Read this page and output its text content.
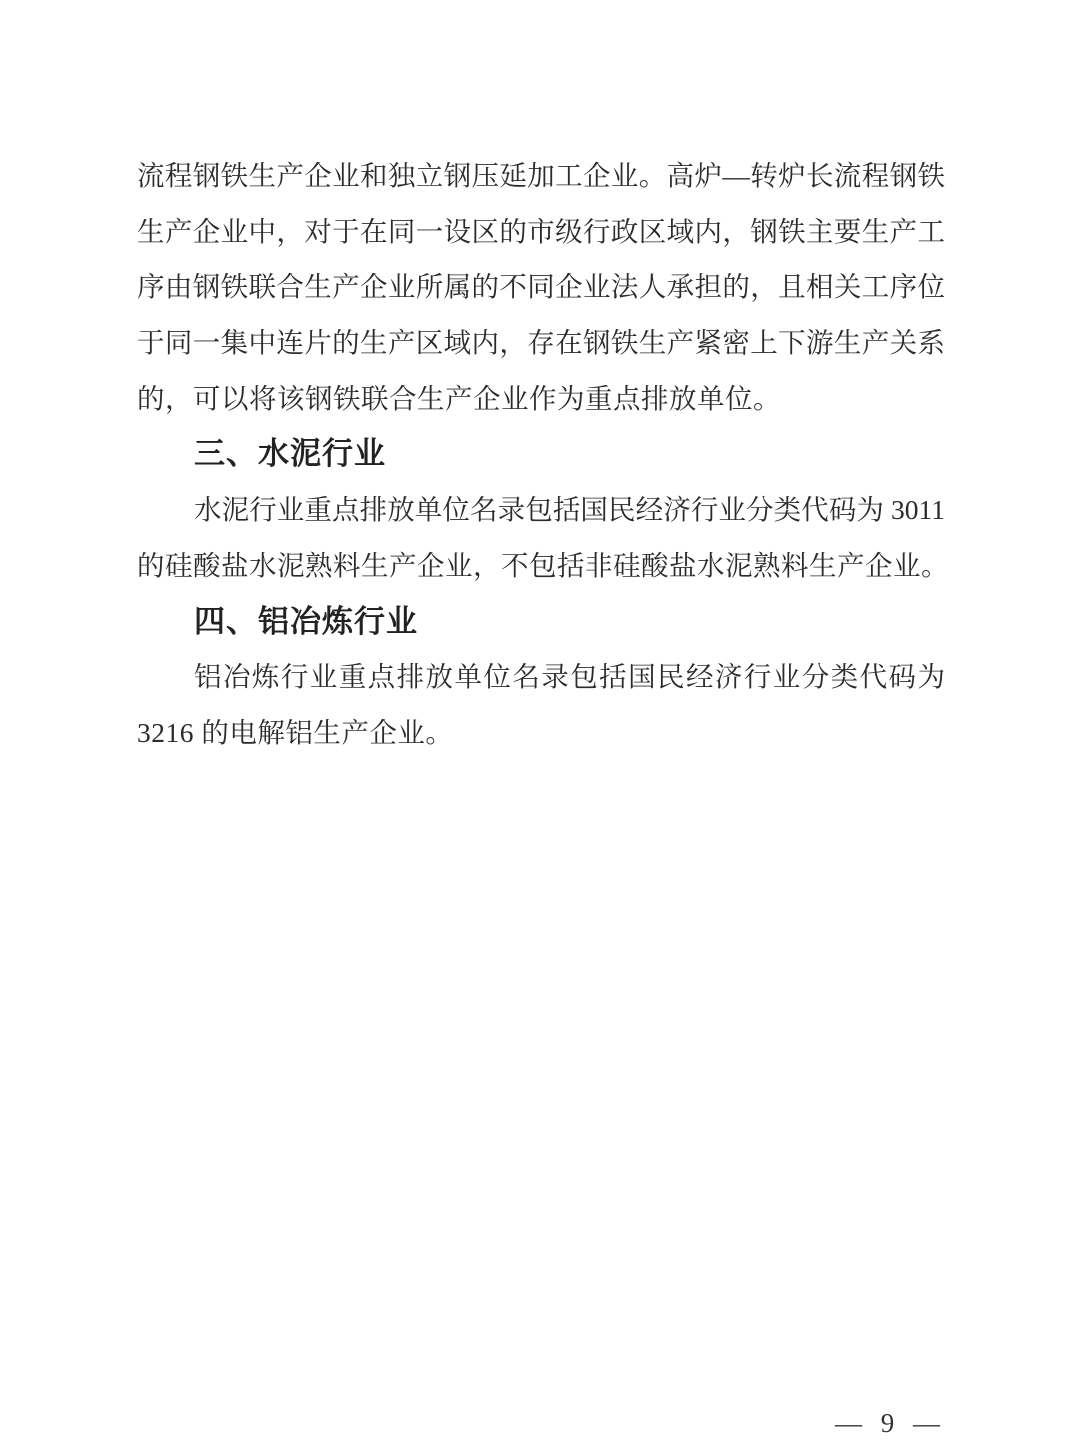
流程钢铁生产企业和独立钢压延加工企业。高炉—转炉长流程钢铁
生产企业中，对于在同一设区的市级行政区域内，钢铁主要生产工
序由钢铁联合生产企业所属的不同企业法人承担的，且相关工序位
于同一集中连片的生产区域内，存在钢铁生产紧密上下游生产关系
的，可以将该钢铁联合生产企业作为重点排放单位。
三、水泥行业
水泥行业重点排放单位名录包括国民经济行业分类代码为 3011
的硅酸盐水泥熟料生产企业，不包括非硅酸盐水泥熟料生产企业。
四、铝冶炼行业
铝冶炼行业重点排放单位名录包括国民经济行业分类代码为
3216 的电解铝生产企业。
— 9 —
